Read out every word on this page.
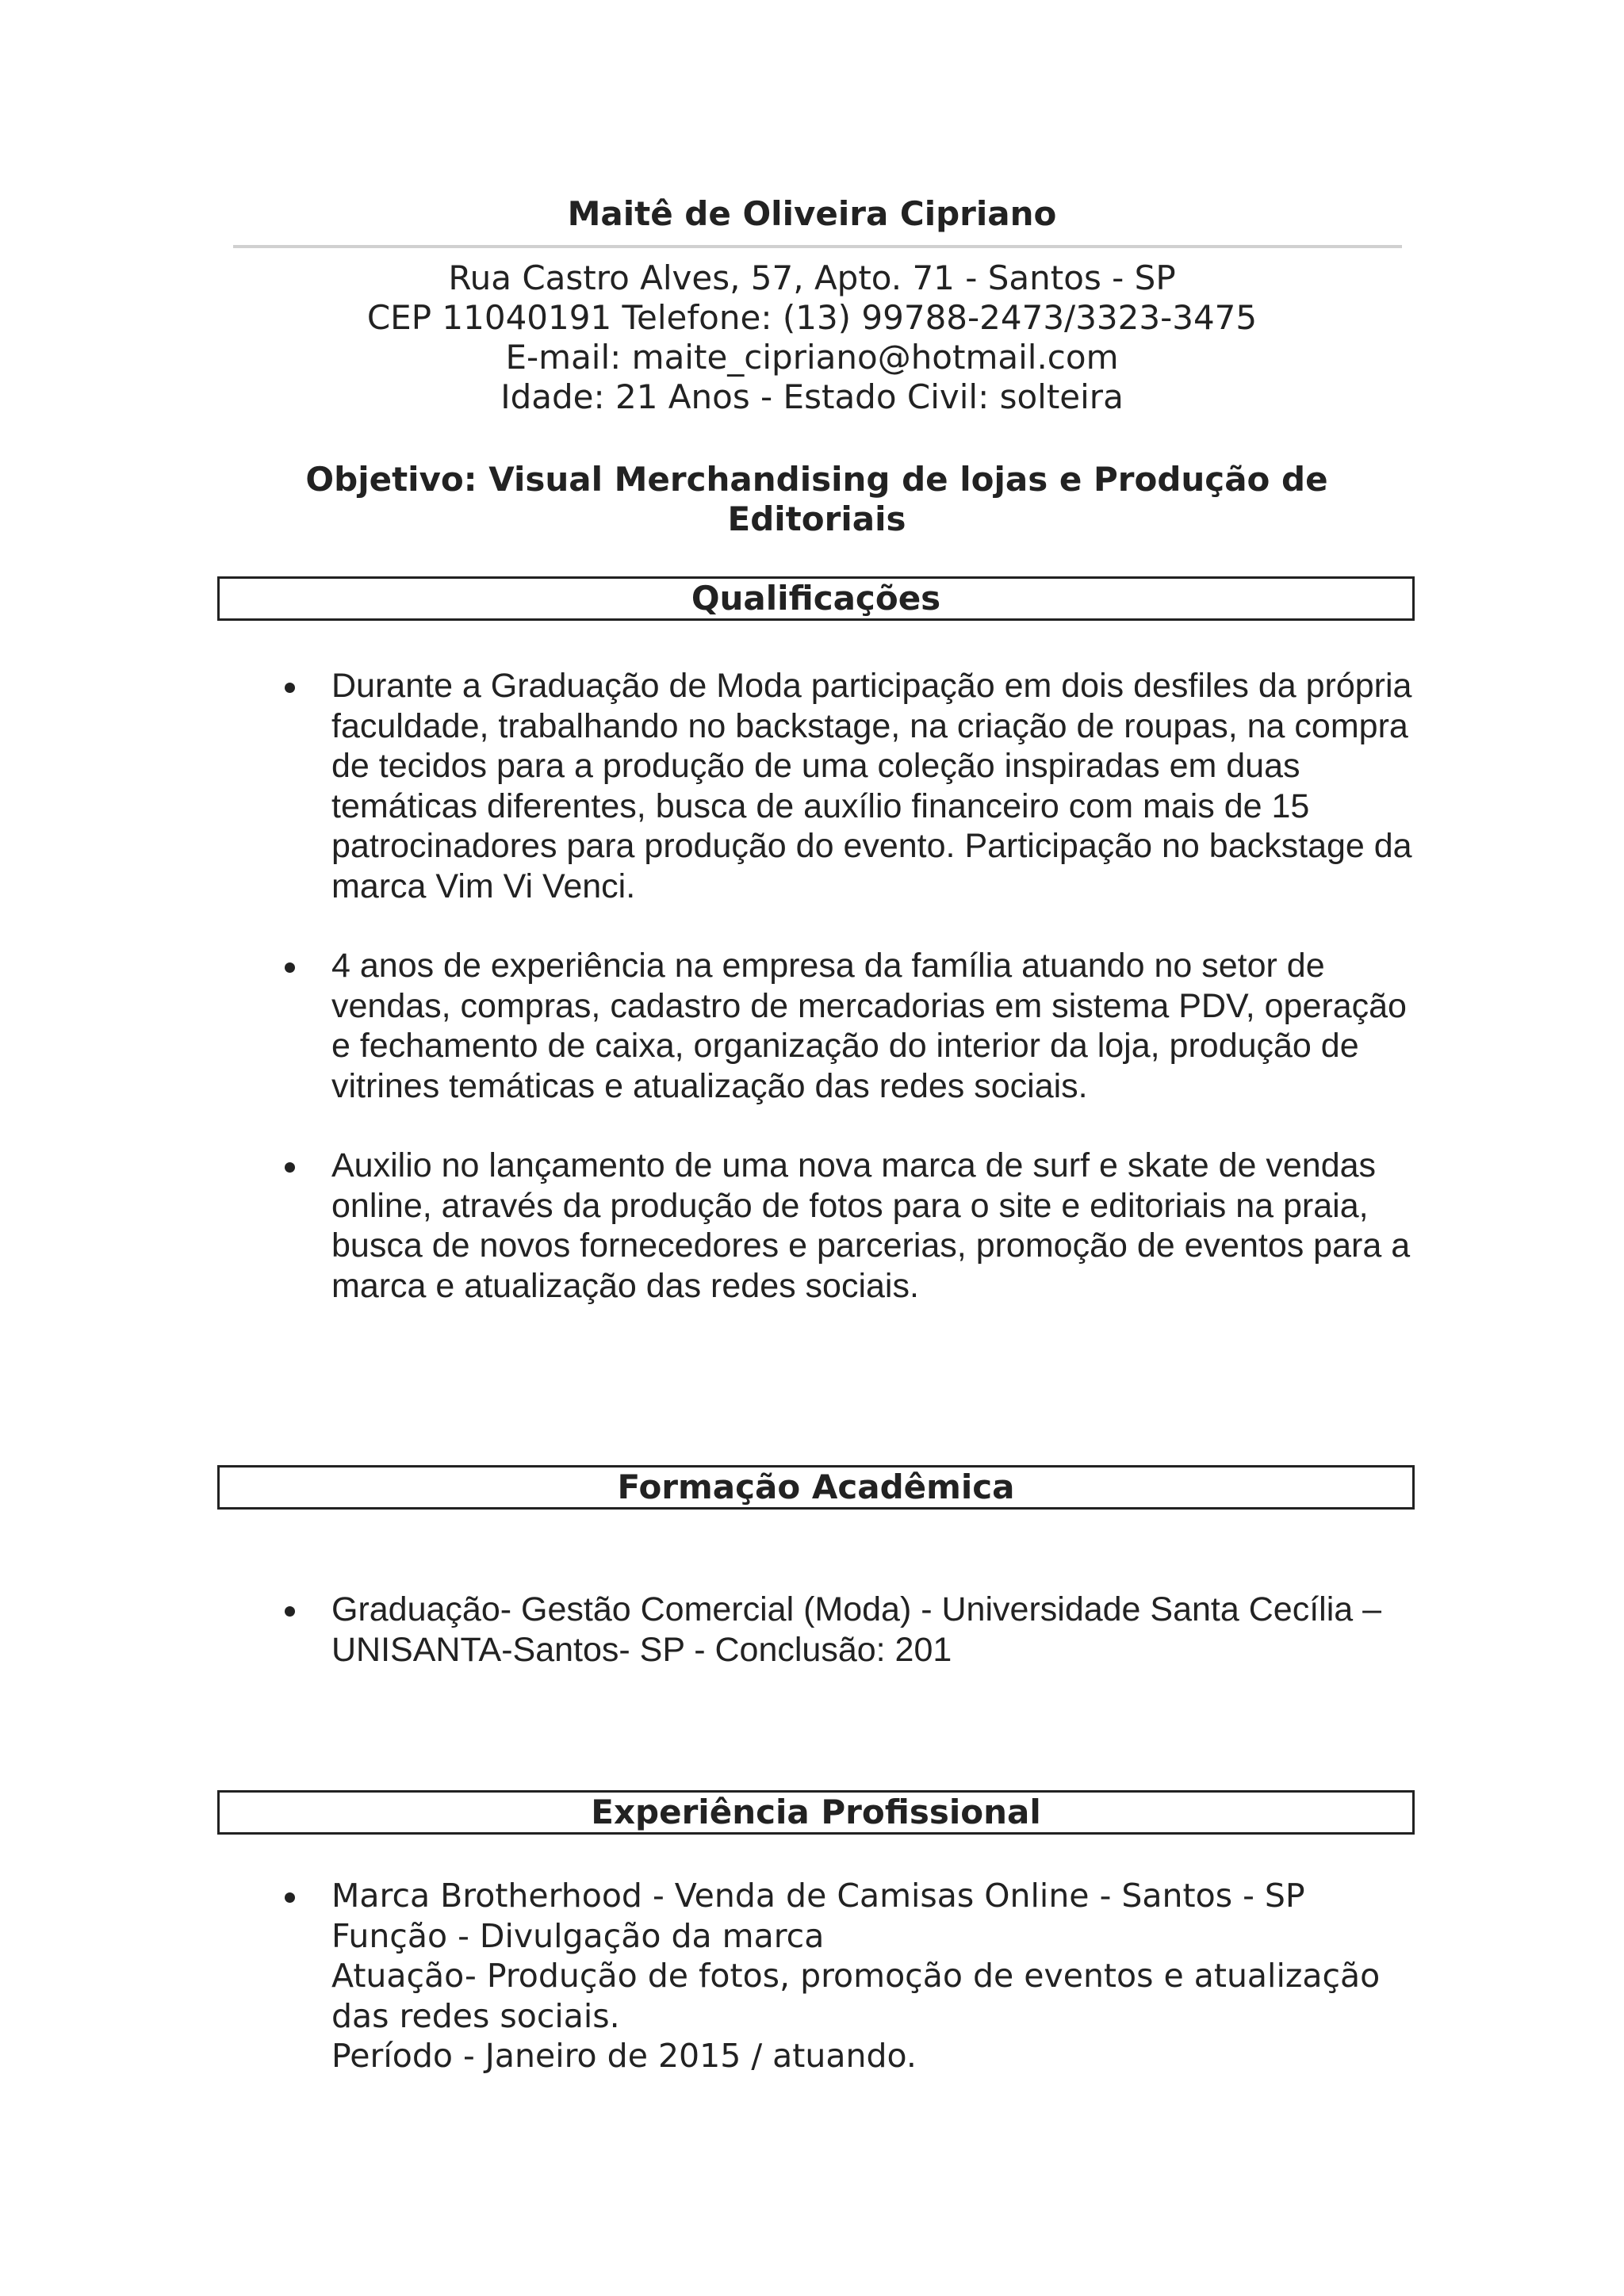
Maitê de Oliveira Cipriano
Rua Castro Alves, 57, Apto. 71 - Santos - SP
CEP 11040191 Telefone: (13) 99788-2473/3323-3475
E-mail: maite_cipriano@hotmail.com
Idade: 21 Anos - Estado Civil: solteira
Objetivo: Visual Merchandising de lojas e Produção de Editoriais
Qualificações
Durante a Graduação de Moda participação em dois desfiles da própria faculdade, trabalhando no backstage, na criação de roupas, na compra de tecidos para a produção de uma coleção inspiradas em duas temáticas diferentes, busca de auxílio financeiro com mais de 15 patrocinadores para produção do evento. Participação no backstage da marca Vim Vi Venci.
4 anos de experiência na empresa da família atuando no setor de vendas, compras, cadastro de mercadorias em sistema PDV, operação e fechamento de caixa, organização do interior da loja, produção de vitrines temáticas e atualização das redes sociais.
Auxilio no lançamento de uma nova marca de surf e skate de vendas online, através da produção de fotos para o site e editoriais na praia, busca de novos fornecedores e parcerias, promoção de eventos para a marca e atualização das redes sociais.
Formação Acadêmica
Graduação- Gestão Comercial (Moda) - Universidade Santa Cecília – UNISANTA-Santos- SP - Conclusão: 201
Experiência Profissional
Marca Brotherhood - Venda de Camisas Online - Santos - SP
Função - Divulgação da marca
Atuação- Produção de fotos, promoção de eventos e atualização das redes sociais.
Período - Janeiro de 2015 / atuando.
